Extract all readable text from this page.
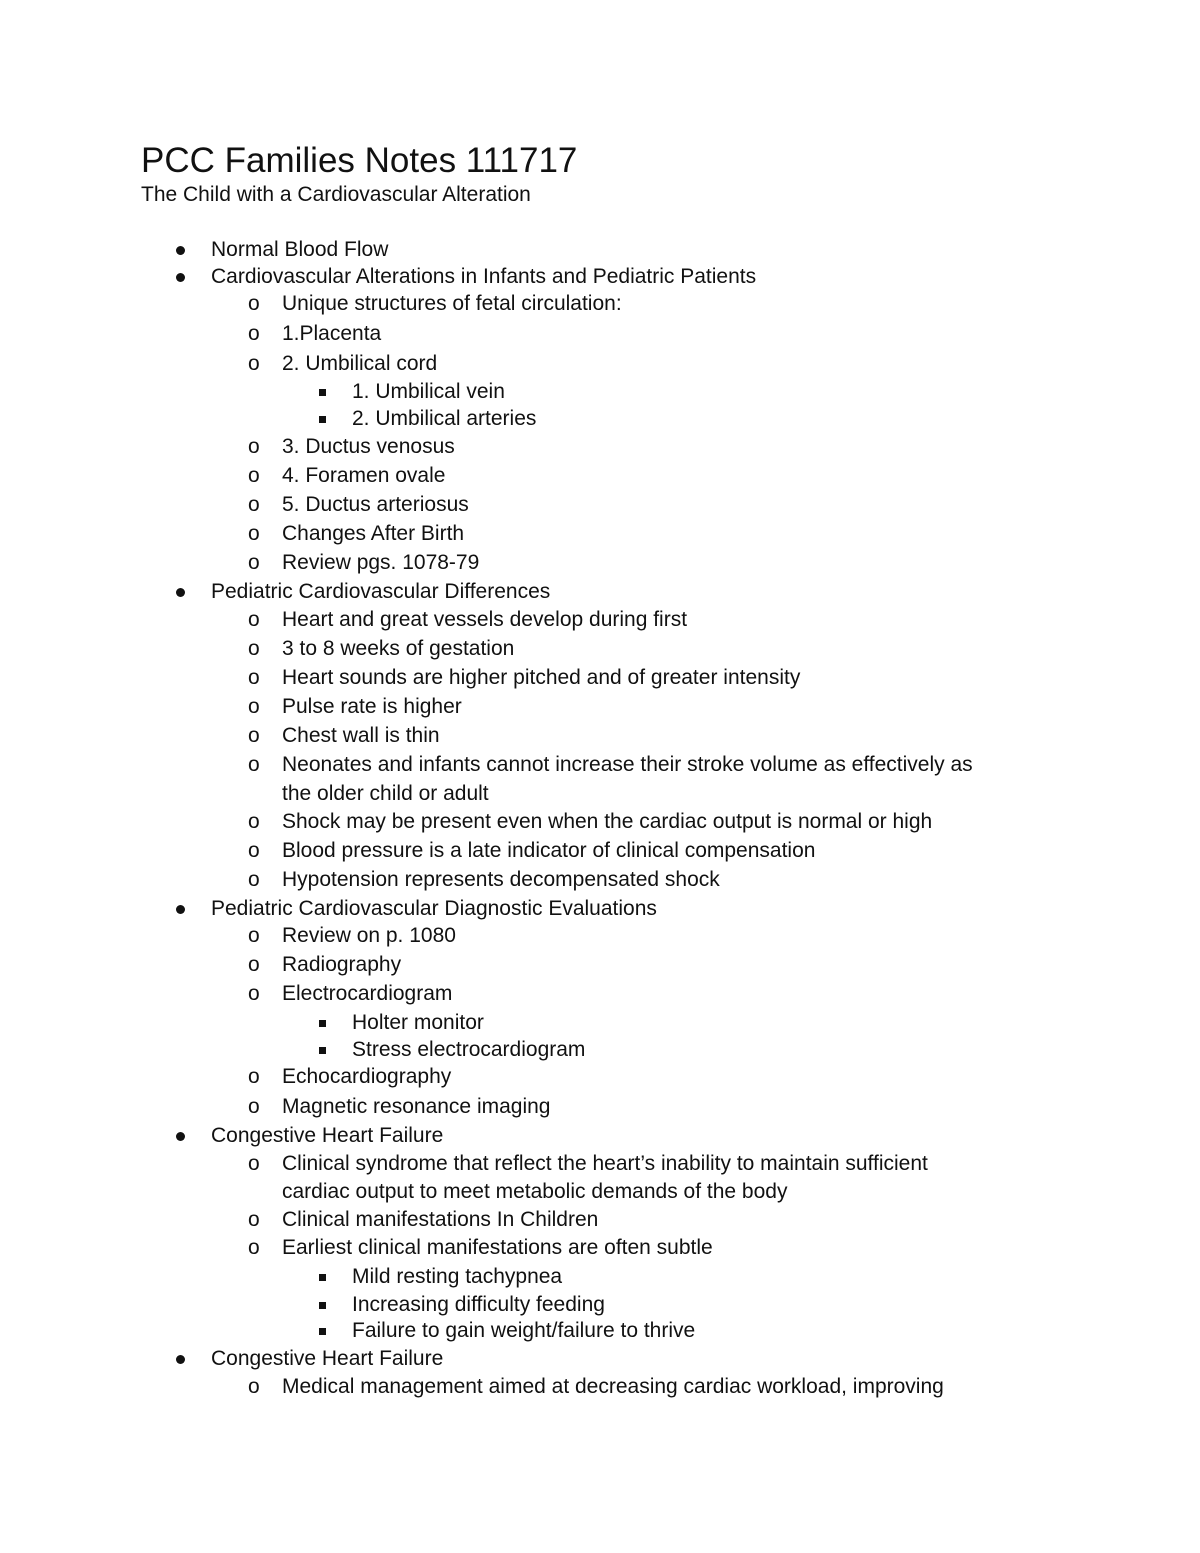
PCC Families Notes 111717
The Child with a Cardiovascular Alteration
Normal Blood Flow
Cardiovascular Alterations in Infants and Pediatric Patients
o Unique structures of fetal circulation:
o 1.Placenta
o 2. Umbilical cord
1. Umbilical vein
2. Umbilical arteries
o 3. Ductus venosus
o 4. Foramen ovale
o 5. Ductus arteriosus
o Changes After Birth
o Review pgs. 1078-79
Pediatric Cardiovascular Differences
o Heart and great vessels develop during first
o 3 to 8 weeks of gestation
o Heart sounds are higher pitched and of greater intensity
o Pulse rate is higher
o Chest wall is thin
o Neonates and infants cannot increase their stroke volume as effectively as
the older child or adult
o Shock may be present even when the cardiac output is normal or high
o Blood pressure is a late indicator of clinical compensation
o Hypotension represents decompensated shock
Pediatric Cardiovascular Diagnostic Evaluations
o Review on p. 1080
o Radiography
o Electrocardiogram
Holter monitor
Stress electrocardiogram
o Echocardiography
o Magnetic resonance imaging
Congestive Heart Failure
o Clinical syndrome that reflect the heart’s inability to maintain sufficient
cardiac output to meet metabolic demands of the body
o Clinical manifestations In Children
o Earliest clinical manifestations are often subtle
Mild resting tachypnea
Increasing difficulty feeding
Failure to gain weight/failure to thrive
Congestive Heart Failure
o Medical management aimed at decreasing cardiac workload, improving
